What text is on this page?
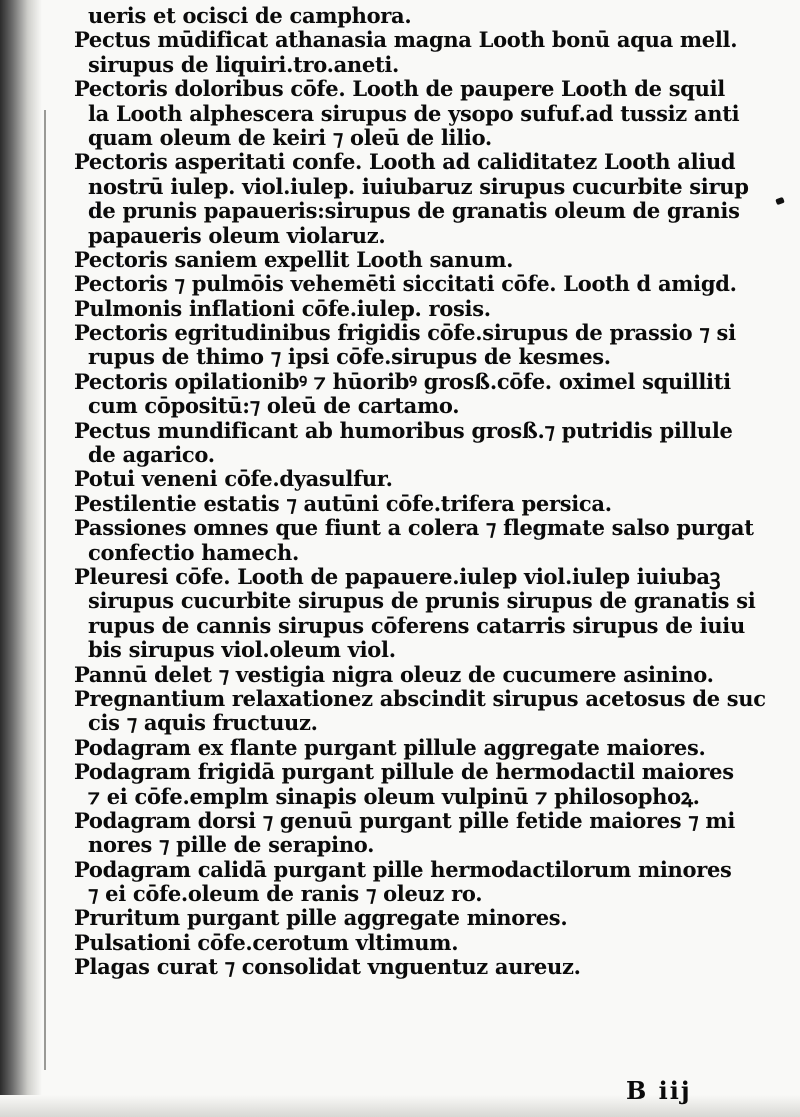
ueris et ocisci de camphora.
Pectus mūdificat athanasia magna Looth bonū aqua mell.
sirupus de liquiri.tro.aneti.
Pectoris doloribus cōfe. Looth de paupere Looth de squil
la Looth alphescera sirupus de ysopo sufuf.ad tussiz anti
quam oleum de keiri ⁊ oleū de lilio.
Pectoris asperitati confe. Looth ad caliditatez Looth aliud
nostrū iulep. viol.iulep. iuiubaruz sirupus cucurbite sirup
de prunis papaueris:sirupus de granatis oleum de granis
papaueris oleum violaruz.
Pectoris saniem expellit Looth sanum.
Pectoris ⁊ pulmōis vehemēti siccitati cōfe. Looth d amigd.
Pulmonis inflationi cōfe.iulep. rosis.
Pectoris egritudinibus frigidis cōfe.sirupus de prassio ⁊ si
rupus de thimo ⁊ ipsi cōfe.sirupus de kesmes.
Pectoris opilationibꝰ ⁊ hūoribꝰ grosß.cōfe. oximel squilliti
cum cōpositū:⁊ oleū de cartamo.
Pectus mundificant ab humoribus grosß.⁊ putridis pillule
de agarico.
Potui veneni cōfe.dyasulfur.
Pestilentie estatis ⁊ autūni cōfe.trifera persica.
Passiones omnes que fiunt a colera ⁊ flegmate salso purgat
confectio hamech.
Pleuresi cōfe. Looth de papauere.iulep viol.iulep iuiubaꝫ
sirupus cucurbite sirupus de prunis sirupus de granatis si
rupus de cannis sirupus cōferens catarris sirupus de iuiu
bis sirupus viol.oleum viol.
Pannū delet ⁊ vestigia nigra oleuz de cucumere asinino.
Pregnantium relaxationez abscindit sirupus acetosus de suc
cis ⁊ aquis fructuuz.
Podagram ex flante purgant pillule aggregate maiores.
Podagram frigidā purgant pillule de hermodactil maiores
⁊ ei cōfe.emplm sinapis oleum vulpinū ⁊ philosophoꝝ.
Podagram dorsi ⁊ genuū purgant pille fetide maiores ⁊ mi
nores ⁊ pille de serapino.
Podagram calidā purgant pille hermodactilorum minores
⁊ ei cōfe.oleum de ranis ⁊ oleuz ro.
Pruritum purgant pille aggregate minores.
Pulsationi cōfe.cerotum vltimum.
Plagas curat ⁊ consolidat vnguentuz aureuz.
B iij
